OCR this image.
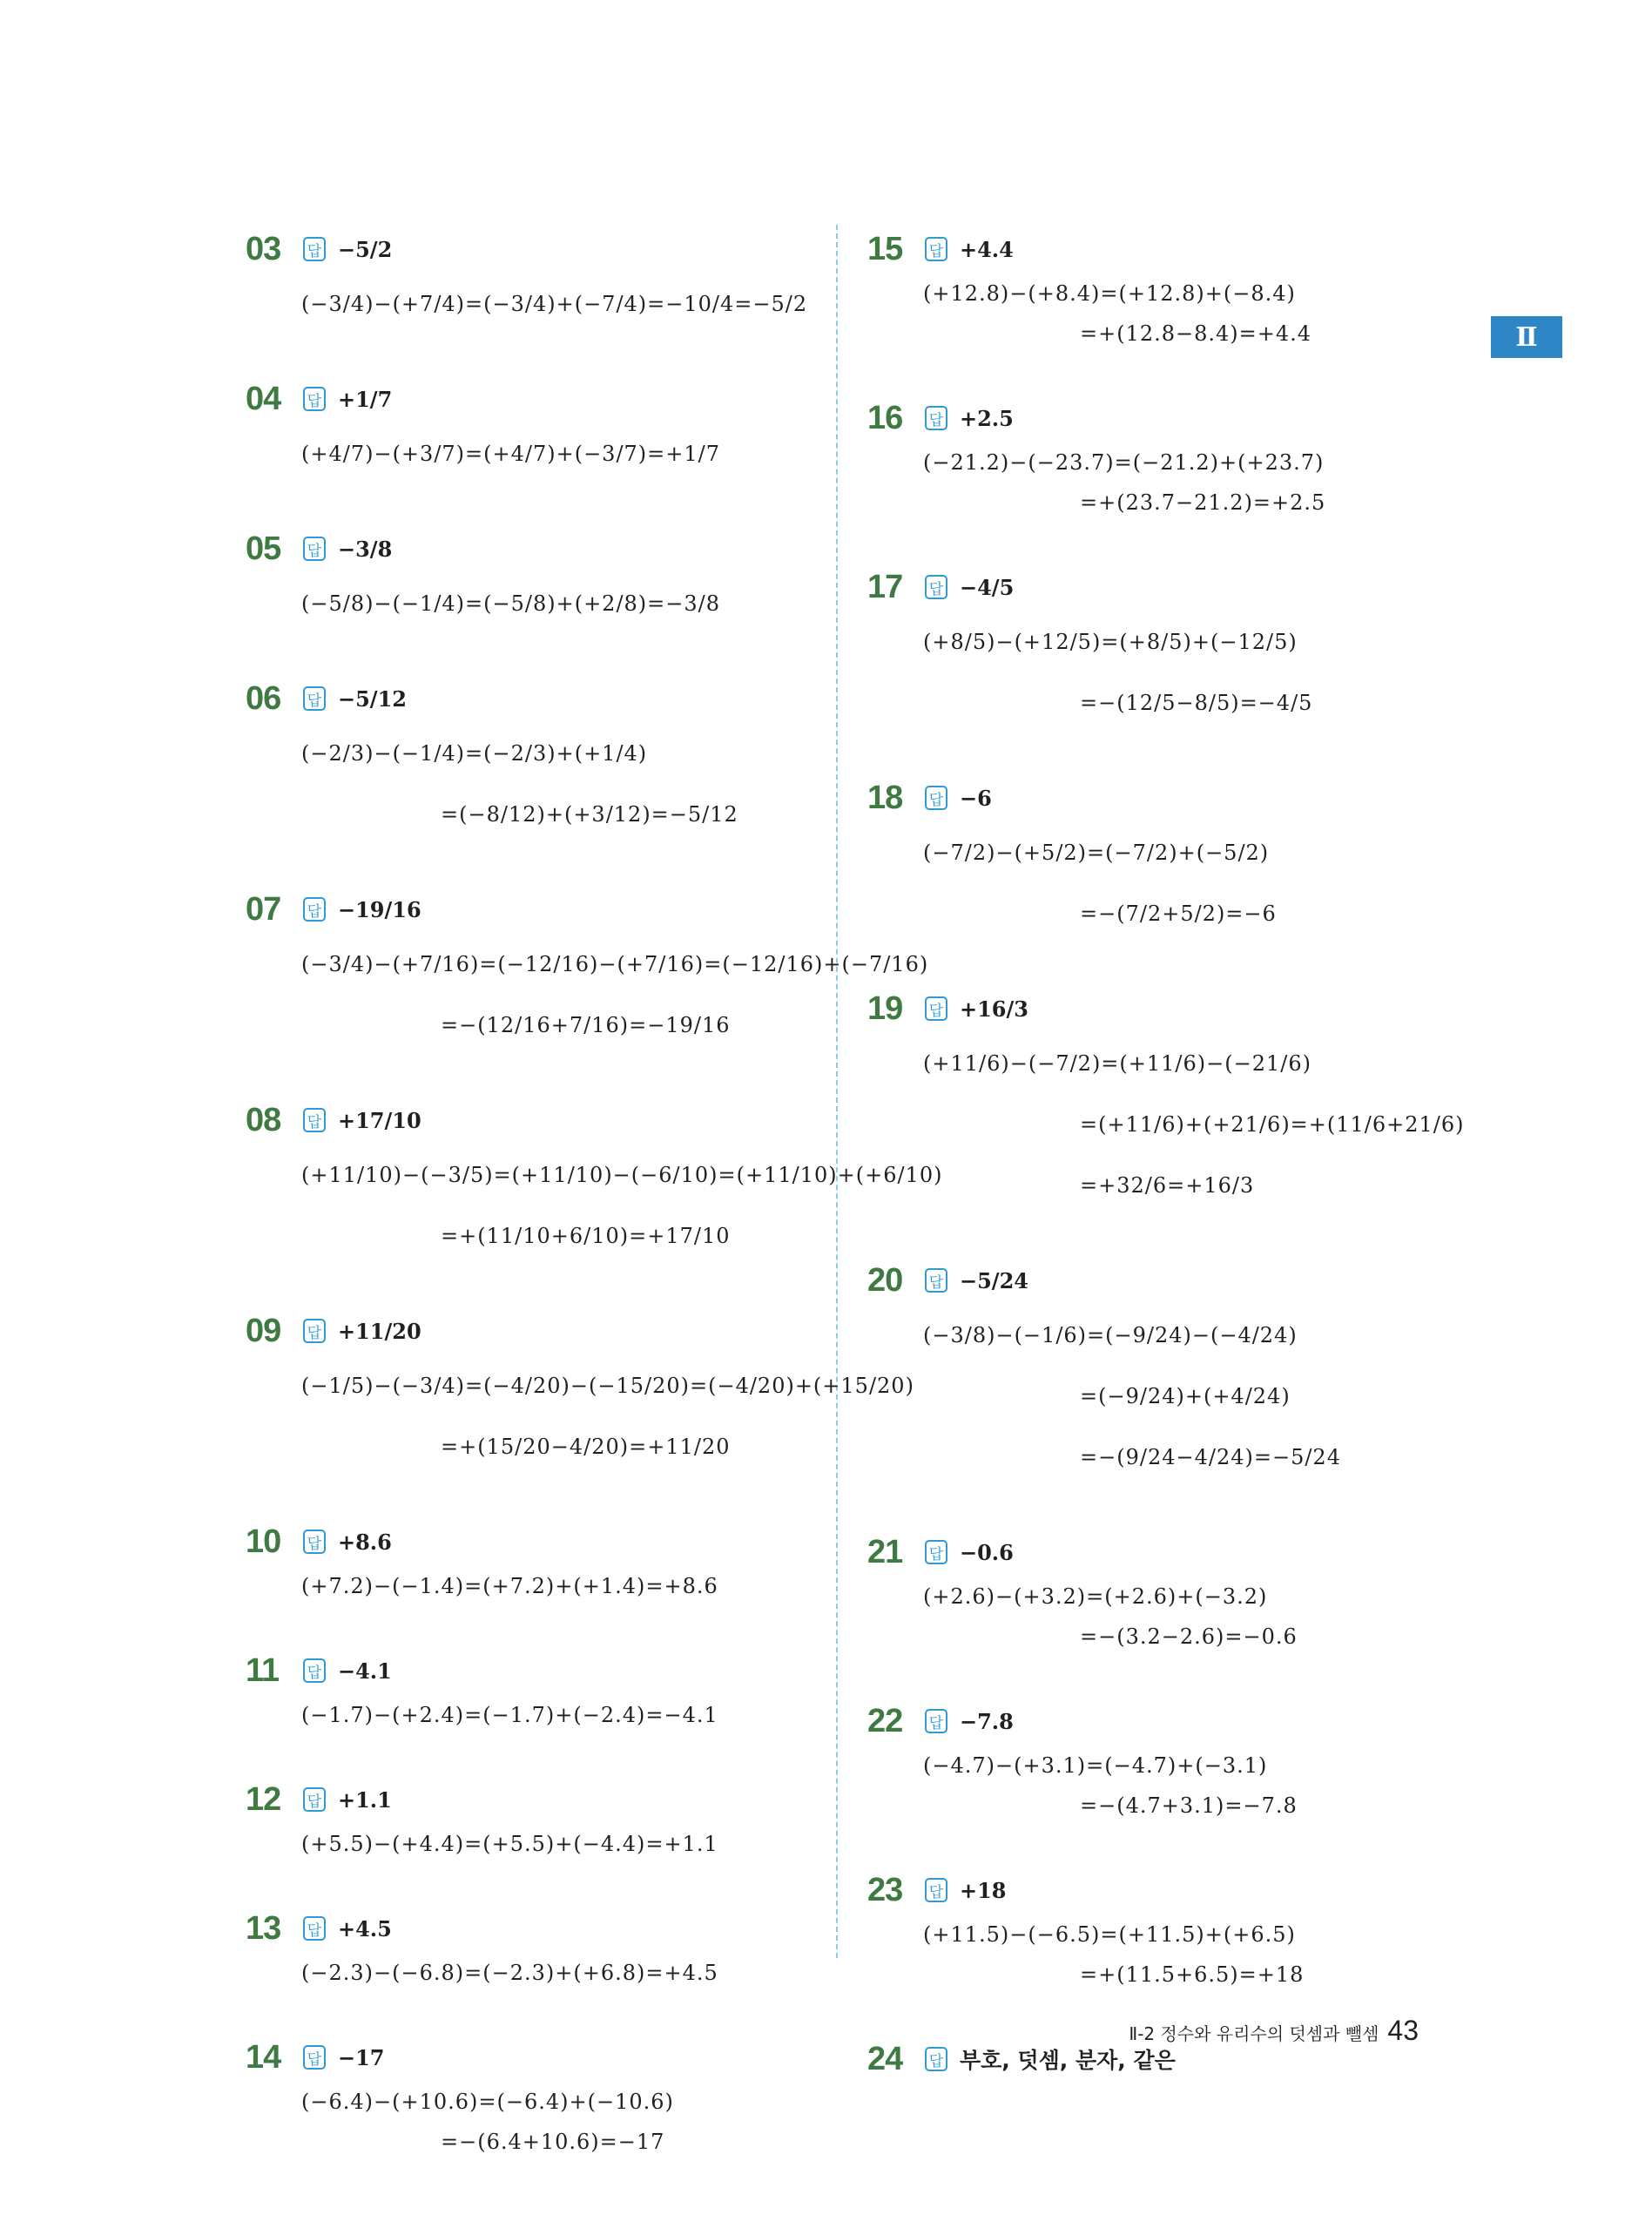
Ⅱ
03	답 −5/2
(−3/4)−(+7/4)=(−3/4)+(−7/4)=−10/4=−5/2
04	답 +1/7
(+4/7)−(+3/7)=(+4/7)+(−3/7)=+1/7
05	답 −3/8
(−5/8)−(−1/4)=(−5/8)+(+2/8)=−3/8
06	답 −5/12
(−2/3)−(−1/4)=(−2/3)+(+1/4)
=(−8/12)+(+3/12)=−5/12
07	답 −19/16
(−3/4)−(+7/16)=(−12/16)−(+7/16)=(−12/16)+(−7/16)
=−(12/16+7/16)=−19/16
08	답 +17/10
(+11/10)−(−3/5)=(+11/10)−(−6/10)=(+11/10)+(+6/10)
=+(11/10+6/10)=+17/10
09	답 +11/20
(−1/5)−(−3/4)=(−4/20)−(−15/20)=(−4/20)+(+15/20)
=+(15/20−4/20)=+11/20
10	답 +8.6
(+7.2)−(−1.4)=(+7.2)+(+1.4)=+8.6
11	답 −4.1
(−1.7)−(+2.4)=(−1.7)+(−2.4)=−4.1
12	답 +1.1
(+5.5)−(+4.4)=(+5.5)+(−4.4)=+1.1
13	답 +4.5
(−2.3)−(−6.8)=(−2.3)+(+6.8)=+4.5
14	답 −17
(−6.4)−(+10.6)=(−6.4)+(−10.6)
=−(6.4+10.6)=−17
15	답 +4.4
(+12.8)−(+8.4)=(+12.8)+(−8.4)
=+(12.8−8.4)=+4.4
16	답 +2.5
(−21.2)−(−23.7)=(−21.2)+(+23.7)
=+(23.7−21.2)=+2.5
17	답 −4/5
(+8/5)−(+12/5)=(+8/5)+(−12/5)
=−(12/5−8/5)=−4/5
18	답 −6
(−7/2)−(+5/2)=(−7/2)+(−5/2)
=−(7/2+5/2)=−6
19	답 +16/3
(+11/6)−(−7/2)=(+11/6)−(−21/6)
=(+11/6)+(+21/6)=+(11/6+21/6)
=+32/6=+16/3
20	답 −5/24
(−3/8)−(−1/6)=(−9/24)−(−4/24)
=(−9/24)+(+4/24)
=−(9/24−4/24)=−5/24
21	답 −0.6
(+2.6)−(+3.2)=(+2.6)+(−3.2)
=−(3.2−2.6)=−0.6
22	답 −7.8
(−4.7)−(+3.1)=(−4.7)+(−3.1)
=−(4.7+3.1)=−7.8
23	답 +18
(+11.5)−(−6.5)=(+11.5)+(+6.5)
=+(11.5+6.5)=+18
24	답 부호, 덧셈, 분자, 같은
Ⅱ-2 정수와 유리수의 덧셈과 뺄셈 43
